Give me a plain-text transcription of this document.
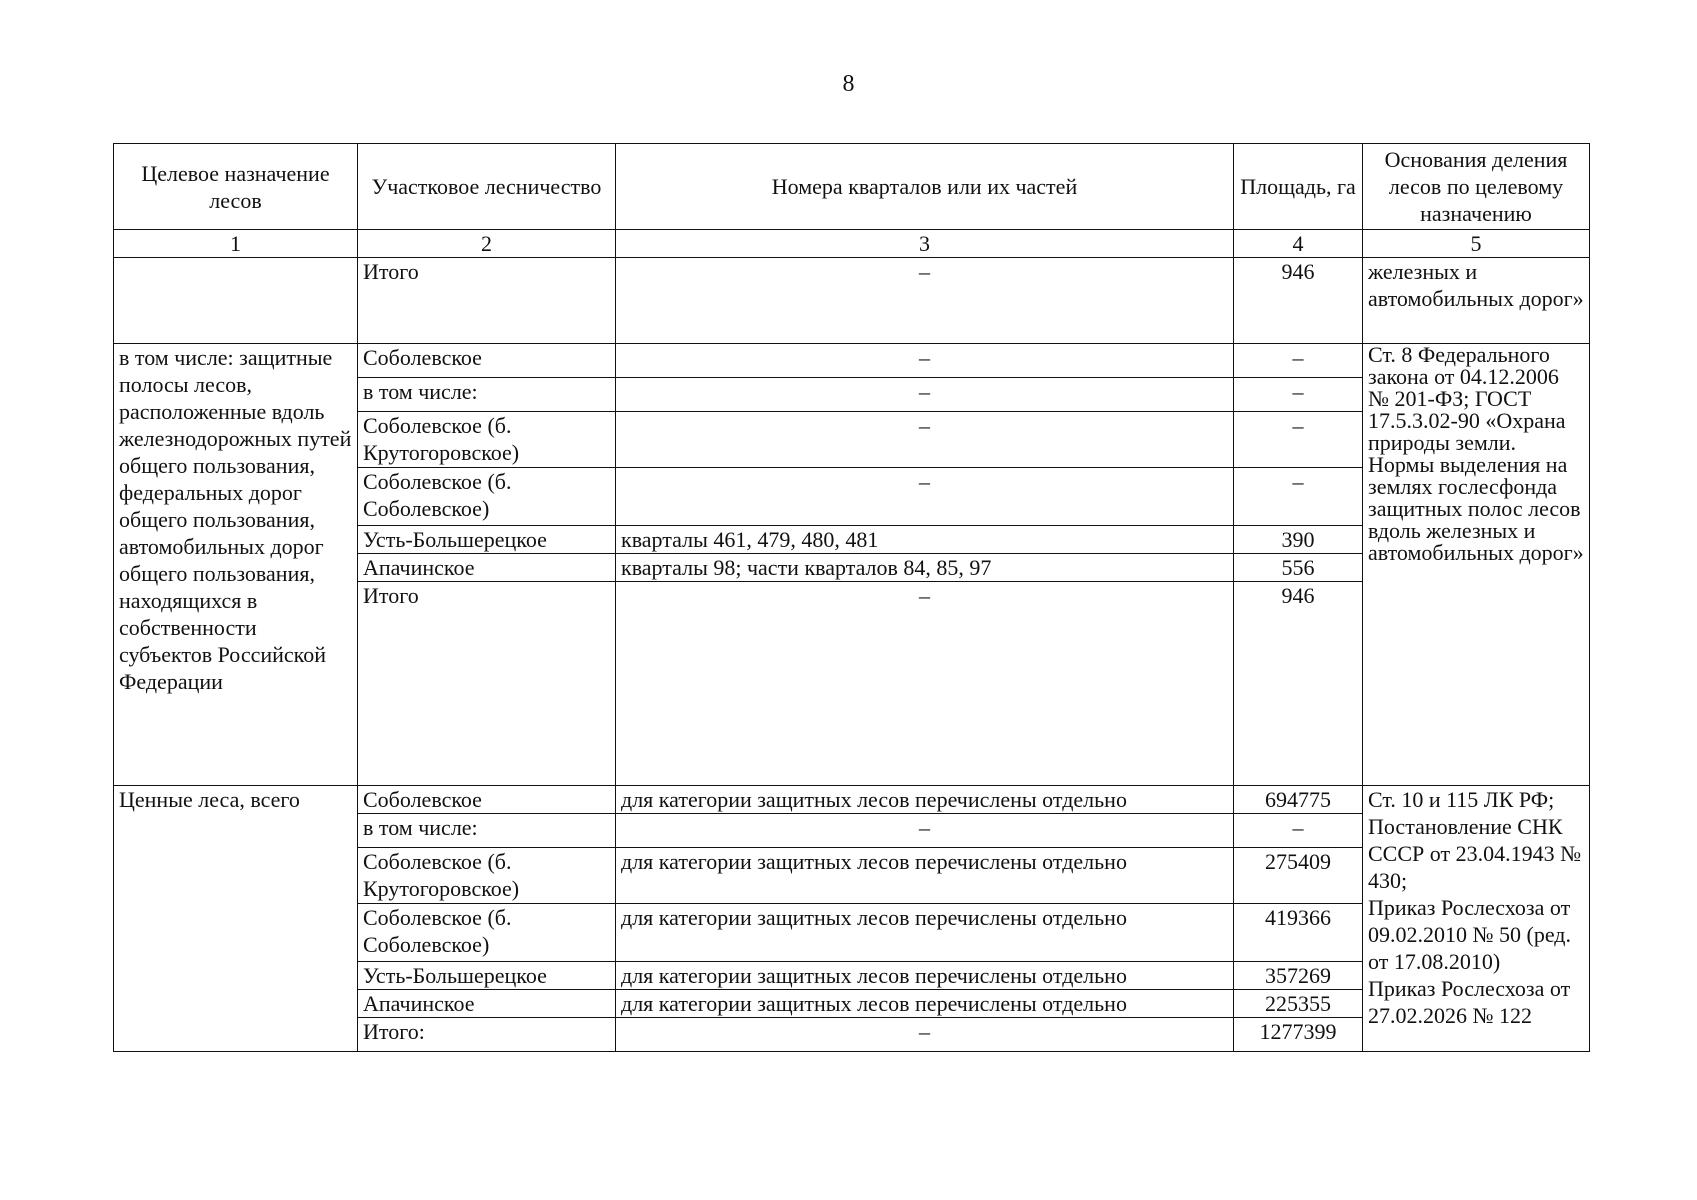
8
Целевое назначение лесов	Участковое лесничество	Номера кварталов или их частей	Площадь, га	Основания деления лесов по целевому назначению
1	2	3	4	5
	Итого	–	946	железных и автомобильных дорог»
в том числе: защитные полосы лесов, расположенные вдоль железнодорожных путей общего пользования, федеральных дорог общего пользования, автомобильных дорог общего пользования, находящихся в собственности субъектов Российской Федерации	Соболевское	–	–	Ст. 8 Федерального закона от 04.12.2006 № 201-ФЗ; ГОСТ 17.5.3.02-90 «Охрана природы земли. Нормы выделения на землях гослесфонда защитных полос лесов вдоль железных и автомобильных дорог»
	в том числе:	–	–	
	Соболевское (б. Крутогоровское)	–	–	
	Соболевское (б. Соболевское)	–	–	
	Усть-Большерецкое	кварталы 461, 479, 480, 481	390	
	Апачинское	кварталы 98; части кварталов 84, 85, 97	556	
	Итого	–	946	
Ценные леса, всего	Соболевское	для категории защитных лесов перечислены отдельно	694775	Ст. 10 и 115 ЛК РФ;
Постановление СНК СССР от 23.04.1943 № 430;
Приказ Рослесхоза от 09.02.2010 № 50 (ред. от 17.08.2010)
Приказ Рослесхоза от 27.02.2026 № 122

	в том числе:	–	–	
	Соболевское (б. Крутогоровское)	для категории защитных лесов перечислены отдельно	275409	
	Соболевское (б. Соболевское)	для категории защитных лесов перечислены отдельно	419366	
	Усть-Большерецкое	для категории защитных лесов перечислены отдельно	357269	
	Апачинское	для категории защитных лесов перечислены отдельно	225355	
	Итого:	–	1277399	
